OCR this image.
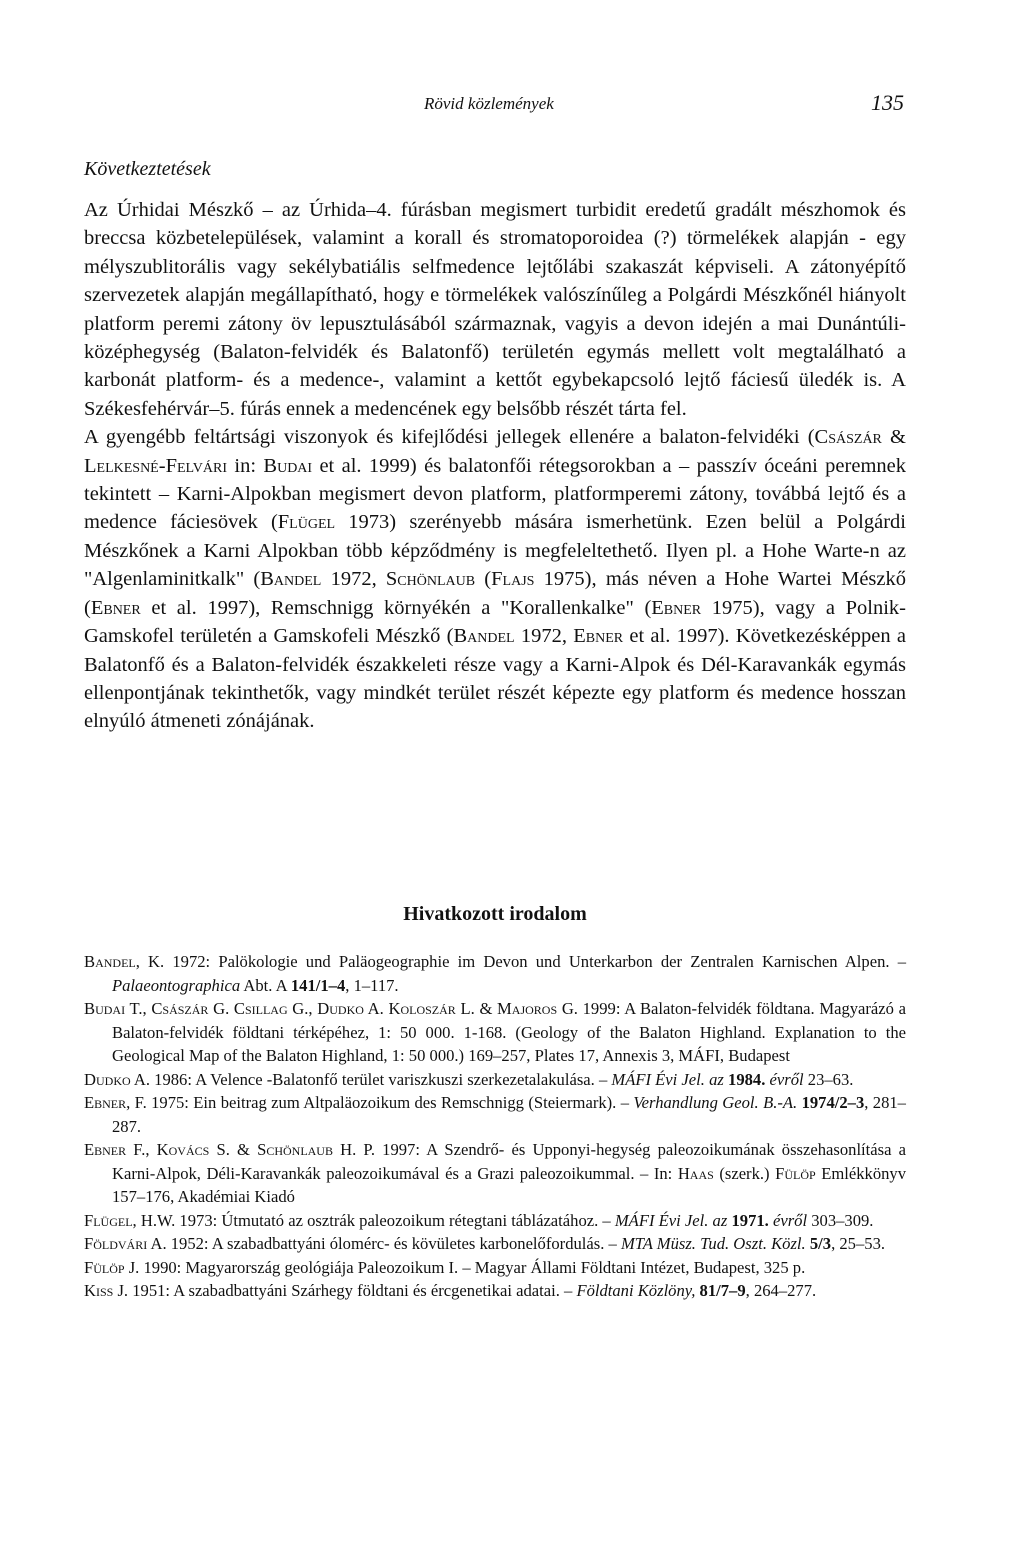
Rövid közlemények	135
Következtetések

Az Úrhidai Mészkő – az Úrhida–4. fúrásban megismert turbidit eredetű gradált mészhomok és breccsa közbetelepülések, valamint a korall és stromatoporoidea (?) törmelékek alapján - egy mélyszublitorális vagy sekélybatiális selfmedence lejtőlábi szakaszát képviseli. A zátonyépítő szervezetek alapján megállapítható, hogy e törmelékek valószínűleg a Polgárdi Mészkőnél hiányolt platform peremi zátony öv lepusztulásából származnak, vagyis a devon idején a mai Dunántúli-középhegység (Balaton-felvidék és Balatonfő) területén egymás mellett volt megtalálható a karbonát platform- és a medence-, valamint a kettőt egybekapcsoló lejtő fáciesű üledék is. A Székesfehérvár–5. fúrás ennek a medencének egy belsőbb részét tárta fel.

A gyengébb feltártsági viszonyok és kifejlődési jellegek ellenére a balaton-felvidéki (Császár & Lelkesné-Felvári in: Budai et al. 1999) és balatonfői rétegsorokban a – passzív óceáni peremnek tekintett – Karni-Alpokban megismert devon platform, platformperemi zátony, továbbá lejtő és a medence fáciesövek (Flügel 1973) szerényebb mására ismerhetünk. Ezen belül a Polgárdi Mészkőnek a Karni Alpokban több képződmény is megfeleltethető. Ilyen pl. a Hohe Warte-n az "Algenlaminitkalk" (Bandel 1972, Schönlaub (Flajs 1975), más néven a Hohe Wartei Mészkő (Ebner et al. 1997), Remschnigg környékén a "Korallenkalke" (Ebner 1975), vagy a Polnik- Gamskofel területén a Gamskofeli Mészkő (Bandel 1972, Ebner et al. 1997). Következésképpen a Balatonfő és a Balaton-felvidék északkeleti része vagy a Karni-Alpok és Dél-Karavankák egymás ellenpontjának tekinthetők, vagy mindkét terület részét képezte egy platform és medence hosszan elnyúló átmeneti zónájának.

Hivatkozott irodalom

Bandel, K. 1972: Palökologie und Paläogeographie im Devon und Unterkarbon der Zentralen Karnischen Alpen. – Palaeontographica Abt. A 141/1–4, 1–117.

Budai T., Császár G. Csillag G., Dudko A. Koloszár L. & Majoros G. 1999: A Balaton-felvidék földtana. Magyarázó a Balaton-felvidék földtani térképéhez, 1: 50 000. 1-168. (Geology of the Balaton Highland. Explanation to the Geological Map of the Balaton Highland, 1: 50 000.) 169–257, Plates 17, Annexis 3, MÁFI, Budapest

Dudko A. 1986: A Velence -Balatonfő terület variszkuszi szerkezetalakulása. – MÁFI Évi Jel. az 1984. évről 23–63.

Ebner, F. 1975: Ein beitrag zum Altpaläozoikum des Remschnigg (Steiermark). – Verhandlung Geol. B.-A. 1974/2–3, 281–287.

Ebner F., Kovács S. & Schönlaub H. P. 1997: A Szendrő- és Upponyi-hegység paleozoikumának összehasonlítása a Karni-Alpok, Déli-Karavankák paleozoikumával és a Grazi paleozoikummal. – In: Haas (szerk.) Fülöp Emlékkönyv 157–176, Akadémiai Kiadó

Flügel, H.W. 1973: Útmutató az osztrák paleozoikum rétegtani táblázatához. – MÁFI Évi Jel. az 1971. évről 303–309.

Földvári A. 1952: A szabadbattyáni ólomérc- és kövületes karbonelőfordulás. – MTA Müsz. Tud. Oszt. Közl. 5/3, 25–53.

Fülöp J. 1990: Magyarország geológiája Paleozoikum I. – Magyar Állami Földtani Intézet, Budapest, 325 p.

Kiss J. 1951: A szabadbattyáni Szárhegy földtani és ércgenetikai adatai. – Földtani Közlöny, 81/7–9, 264–277.
